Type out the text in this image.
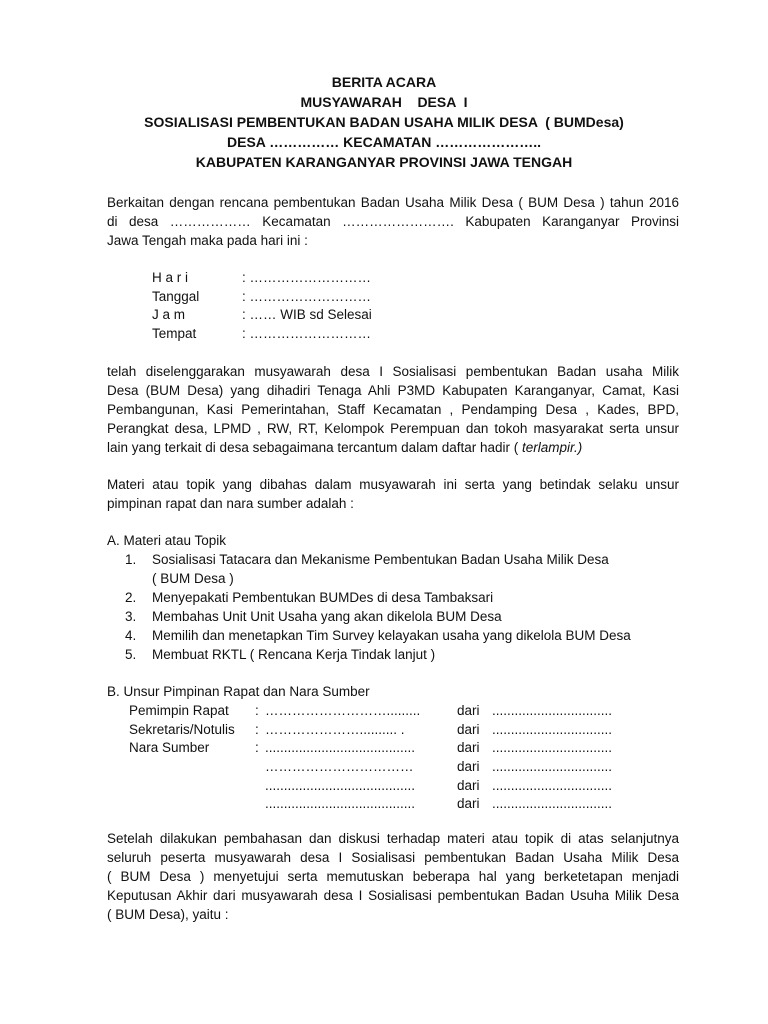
BERITA ACARA
MUSYAWARAH    DESA  I
SOSIALISASI PEMBENTUKAN BADAN USAHA MILIK DESA  ( BUMDesa)
DESA …………… KECAMATAN …………………..
KABUPATEN KARANGANYAR PROVINSI JAWA TENGAH
Berkaitan dengan rencana pembentukan Badan Usaha Milik Desa ( BUM Desa ) tahun 2016
di desa ……………… Kecamatan ……………………. Kabupaten Karanganyar Provinsi
Jawa Tengah maka pada hari ini :
H a r i	: ………………………
Tanggal	: ………………………
J a m	: …… WIB sd Selesai
Tempat	: ………………………
telah diselenggarakan musyawarah desa I Sosialisasi pembentukan Badan usaha Milik
Desa (BUM Desa) yang dihadiri Tenaga Ahli P3MD Kabupaten Karanganyar, Camat, Kasi
Pembangunan, Kasi Pemerintahan, Staff Kecamatan , Pendamping Desa , Kades, BPD,
Perangkat desa, LPMD , RW, RT, Kelompok Perempuan dan tokoh masyarakat serta unsur
lain yang terkait di desa sebagaimana tercantum dalam daftar hadir ( terlampir.)
Materi atau topik yang dibahas dalam musyawarah ini serta yang betindak selaku unsur
pimpinan rapat dan nara sumber adalah :
A. Materi atau Topik
1. Sosialisasi Tatacara dan Mekanisme Pembentukan Badan Usaha Milik Desa
( BUM Desa )
2. Menyepakati Pembentukan BUMDes di desa Tambaksari
3. Membahas Unit Unit Usaha yang akan dikelola BUM Desa
4. Memilih dan menetapkan Tim Survey kelayakan usaha yang dikelola BUM Desa
5. Membuat RKTL ( Rencana Kerja Tindak lanjut )
B. Unsur Pimpinan Rapat dan Nara Sumber
Pemimpin Rapat : ……………………….........	dari ................................
Sekretaris/Notulis : ………………….......... .	dari ................................
Nara Sumber	: ........................................	dari ................................
……………………………	dari ................................
........................................	dari ................................
........................................	dari ................................
Setelah dilakukan pembahasan dan diskusi terhadap materi atau topik di atas selanjutnya
seluruh peserta musyawarah desa I Sosialisasi pembentukan Badan Usaha Milik Desa
( BUM Desa ) menyetujui serta memutuskan beberapa hal yang berketetapan menjadi
Keputusan Akhir dari musyawarah desa I Sosialisasi pembentukan Badan Usuha Milik Desa
( BUM Desa), yaitu :
